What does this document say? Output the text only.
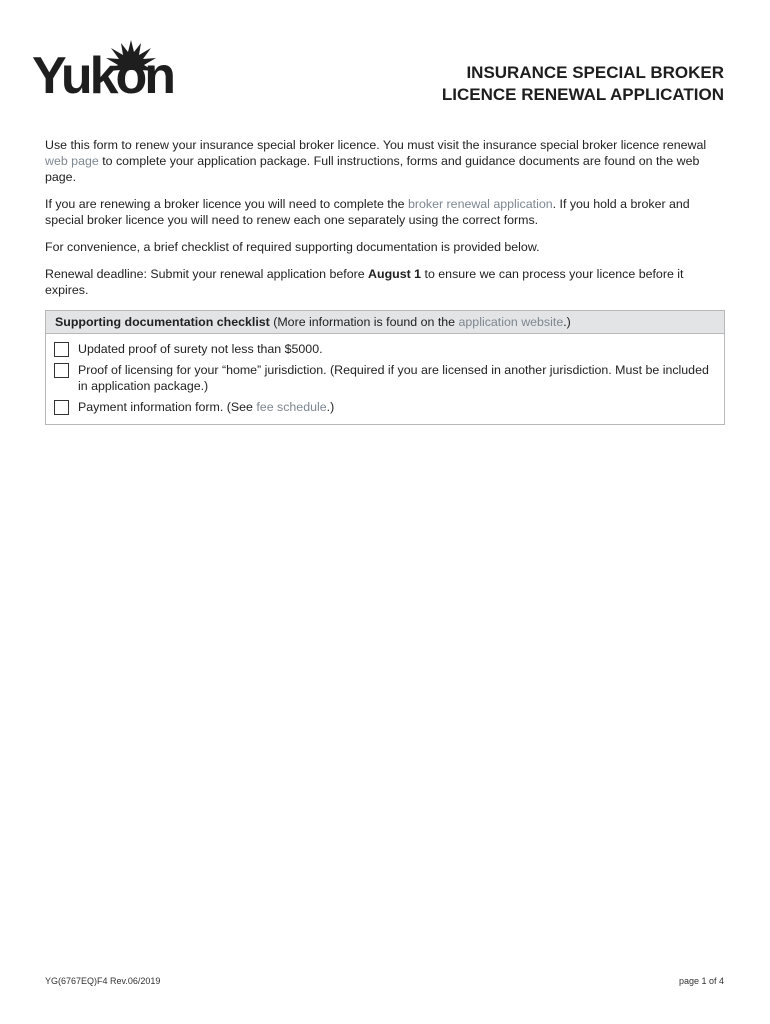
Yukon	INSURANCE SPECIAL BROKER
LICENCE RENEWAL APPLICATION

Use this form to renew your insurance special broker licence. You must visit the insurance special broker licence renewal web page to complete your application package. Full instructions, forms and guidance documents are found on the web page.

If you are renewing a broker licence you will need to complete the broker renewal application. If you hold a broker and special broker licence you will need to renew each one separately using the correct forms.

For convenience, a brief checklist of required supporting documentation is provided below.

Renewal deadline: Submit your renewal application before August 1 to ensure we can process your licence before it expires.

Supporting documentation checklist (More information is found on the application website.)
Updated proof of surety not less than $5000.
Proof of licensing for your “home” jurisdiction. (Required if you are licensed in another jurisdiction. Must be included in application package.)
Payment information form. (See fee schedule.)
YG(6767EQ)F4 Rev.06/2019	page 1 of 4
